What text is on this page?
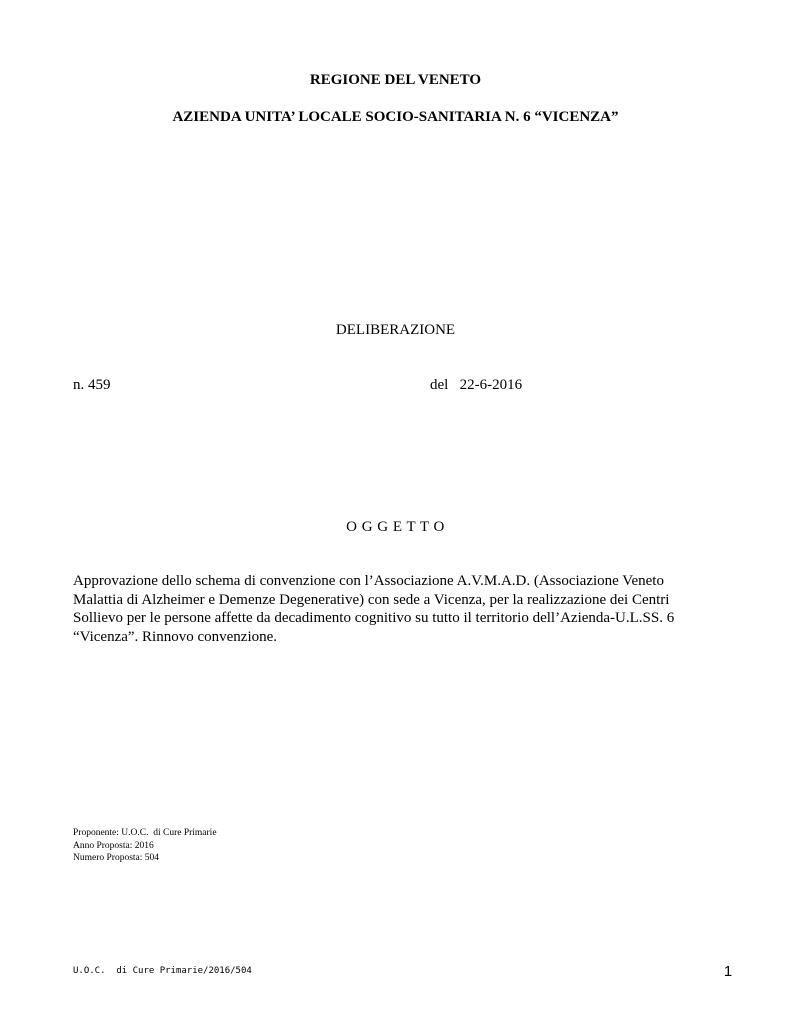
REGIONE DEL VENETO
AZIENDA UNITA’ LOCALE SOCIO-SANITARIA N. 6 “VICENZA”
DELIBERAZIONE
n. 459	del   22-6-2016
O G G E T T O
Approvazione dello schema di convenzione con l’Associazione A.V.M.A.D. (Associazione Veneto Malattia di Alzheimer e Demenze Degenerative) con sede a Vicenza, per la realizzazione dei Centri Sollievo per le persone affette da decadimento cognitivo su tutto il territorio dell’Azienda-U.L.SS. 6 “Vicenza”. Rinnovo convenzione.
Proponente: U.O.C.  di Cure Primarie
Anno Proposta: 2016
Numero Proposta: 504
U.O.C.  di Cure Primarie/2016/504	1
